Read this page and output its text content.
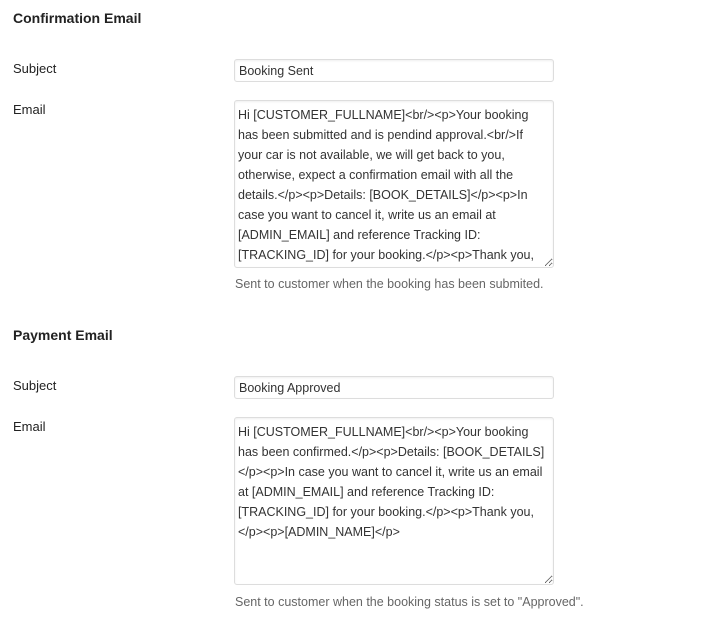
Confirmation Email
Subject
Booking Sent
Email
Hi [CUSTOMER_FULLNAME]<br/><p>Your booking has been submitted and is pendind approval.<br/>If your car is not available, we will get back to you, otherwise, expect a confirmation email with all the details.</p><p>Details: [BOOK_DETAILS]</p><p>In case you want to cancel it, write us an email at [ADMIN_EMAIL] and reference Tracking ID: [TRACKING_ID] for your booking.</p><p>Thank you,</p><p>[ADMIN_NAME]</p>
Sent to customer when the booking has been submited.
Payment Email
Subject
Booking Approved
Email
Hi [CUSTOMER_FULLNAME]<br/><p>Your booking has been confirmed.</p><p>Details: [BOOK_DETAILS]</p><p>In case you want to cancel it, write us an email at [ADMIN_EMAIL] and reference Tracking ID: [TRACKING_ID] for your booking.</p><p>Thank you,</p><p>[ADMIN_NAME]</p>
Sent to customer when the booking status is set to "Approved".
